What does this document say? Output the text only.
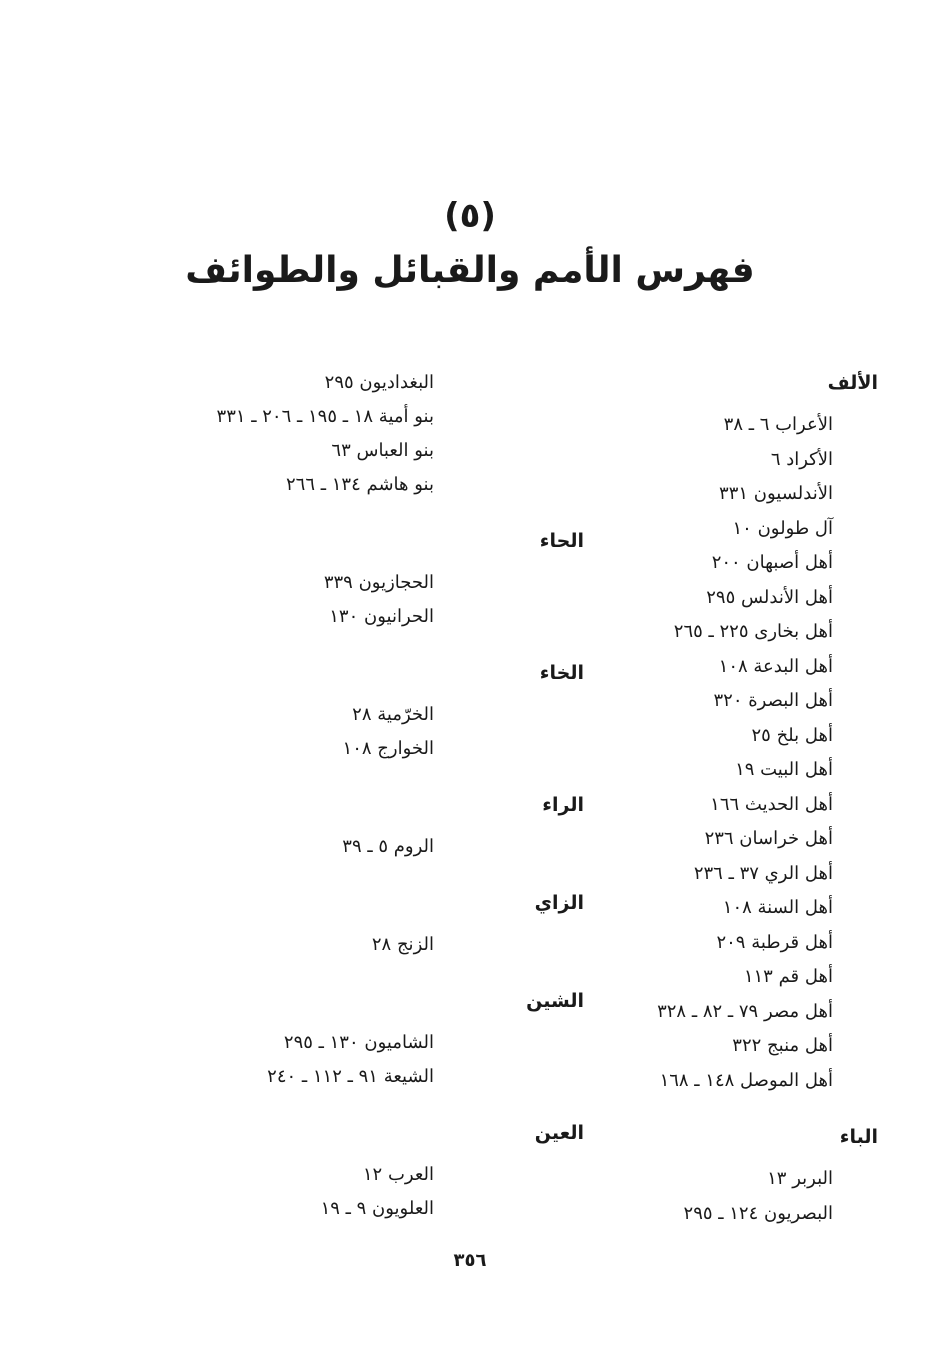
(٥)
فهرس الأمم والقبائل والطوائف
الألف
الأعراب ٦ ـ ٣٨
الأكراد ٦
الأندلسيون ٣٣١
آل طولون ١٠
أهل أصبهان ٢٠٠
أهل الأندلس ٢٩٥
أهل بخارى ٢٢٥ ـ ٢٦٥
أهل البدعة ١٠٨
أهل البصرة ٣٢٠
أهل بلخ ٢٥
أهل البيت ١٩
أهل الحديث ١٦٦
أهل خراسان ٢٣٦
أهل الري ٣٧ ـ ٢٣٦
أهل السنة ١٠٨
أهل قرطبة ٢٠٩
أهل قم ١١٣
أهل مصر ٧٩ ـ ٨٢ ـ ٣٢٨
أهل منبج ٣٢٢
أهل الموصل ١٤٨ ـ ١٦٨
الباء
البربر ١٣
البصريون ١٢٤ ـ ٢٩٥
البغداديون ٢٩٥
بنو أمية ١٨ ـ ١٩٥ ـ ٢٠٦ ـ ٣٣١
بنو العباس ٦٣
بنو هاشم ١٣٤ ـ ٢٦٦
الحاء
الحجازيون ٣٣٩
الحرانيون ١٣٠
الخاء
الخرّمية ٢٨
الخوارج ١٠٨
الراء
الروم ٥ ـ ٣٩
الزاي
الزنج ٢٨
الشين
الشاميون ١٣٠ ـ ٢٩٥
الشيعة ٩١ ـ ١١٢ ـ ٢٤٠
العين
العرب ١٢
العلويون ٩ ـ ١٩
٣٥٦
